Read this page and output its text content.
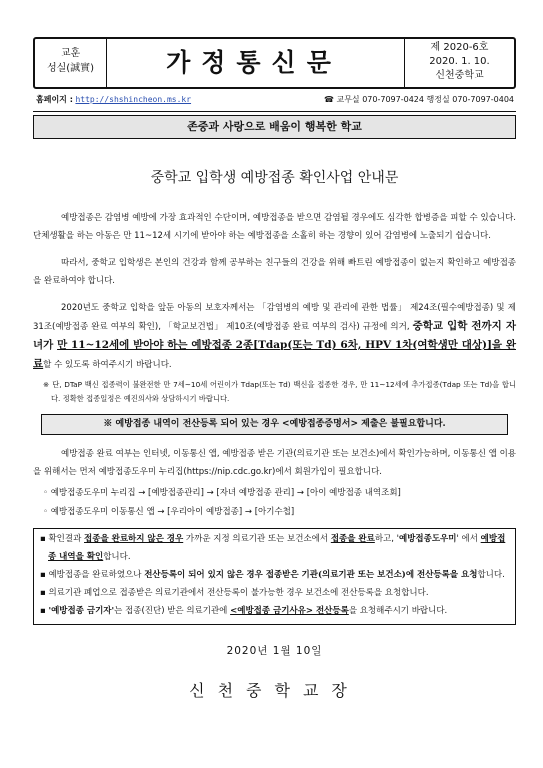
교훈
성실(誠實)	가정통신문
제 2020-6호
2020. 1. 10.
신천중학교
홈페이지 : http://shshincheon.ms.kr	☎ 교무실 070-7097-0424 행정실 070-7097-0404
존중과 사랑으로 배움이 행복한 학교
중학교 입학생 예방접종 확인사업 안내문

예방접종은 감염병 예방에 가장 효과적인 수단이며, 예방접종을 받으면 감염될 경우에도 심각한 합병증을 피할 수 있습니다. 단체생활을 하는 아동은 만 11~12세 시기에 받아야 하는 예방접종을 소홀히 하는 경향이 있어 감염병에 노출되기 쉽습니다.

따라서, 중학교 입학생은 본인의 건강과 함께 공부하는 친구들의 건강을 위해 빠트린 예방접종이 없는지 확인하고 예방접종을 완료하여야 합니다.

2020년도 중학교 입학을 앞둔 아동의 보호자께서는 「감염병의 예방 및 관리에 관한 법률」 제24조(필수예방접종) 및 제31조(예방접종 완료 여부의 확인), 「학교보건법」 제10조(예방접종 완료 여부의 검사) 규정에 의거, 중학교 입학 전까지 자녀가 만 11~12세에 받아야 하는 예방접종 2종[Tdap(또는 Td) 6차, HPV 1차(여학생만 대상)]을 완료할 수 있도록 하여주시기 바랍니다.

※ 단, DTaP 백신 접종력이 불완전한 만 7세~10세 어린이가 Tdap(또는 Td) 백신을 접종한 경우, 만 11~12세에 추가접종(Tdap 또는 Td)을 합니다. 정확한 접종일정은 예진의사와 상담하시기 바랍니다.

※ 예방접종 내역이 전산등록 되어 있는 경우 <예방접종증명서> 제출은 불필요합니다.

예방접종 완료 여부는 인터넷, 이동통신 앱, 예방접종 받은 기관(의료기관 또는 보건소)에서 확인가능하며, 이동통신 앱 이용을 위해서는 먼저 예방접종도우미 누리집(https://nip.cdc.go.kr)에서 회원가입이 필요합니다.

◦ 예방접종도우미 누리집 → [예방접종관리] → [자녀 예방접종 관리] → [아이 예방접종 내역조회]
◦ 예방접종도우미 이동통신 앱 → [우리아이 예방접종] → [아기수첩]
▪ 확인결과 접종을 완료하지 않은 경우 가까운 지정 의료기관 또는 보건소에서 접종을 완료하고, '예방접종도우미' 에서 예방접종 내역을 확인합니다.
▪ 예방접종을 완료하였으나 전산등록이 되어 있지 않은 경우 접종받은 기관(의료기관 또는 보건소)에 전산등록을 요청합니다.
▪ 의료기관 폐업으로 접종받은 의료기관에서 전산등록이 불가능한 경우 보건소에 전산등록을 요청합니다.
▪ '예방접종 금기자'는 접종(진단) 받은 의료기관에 <예방접종 금기사유> 전산등록을 요청해주시기 바랍니다.
2020년 1월 10일
신천중학교장
